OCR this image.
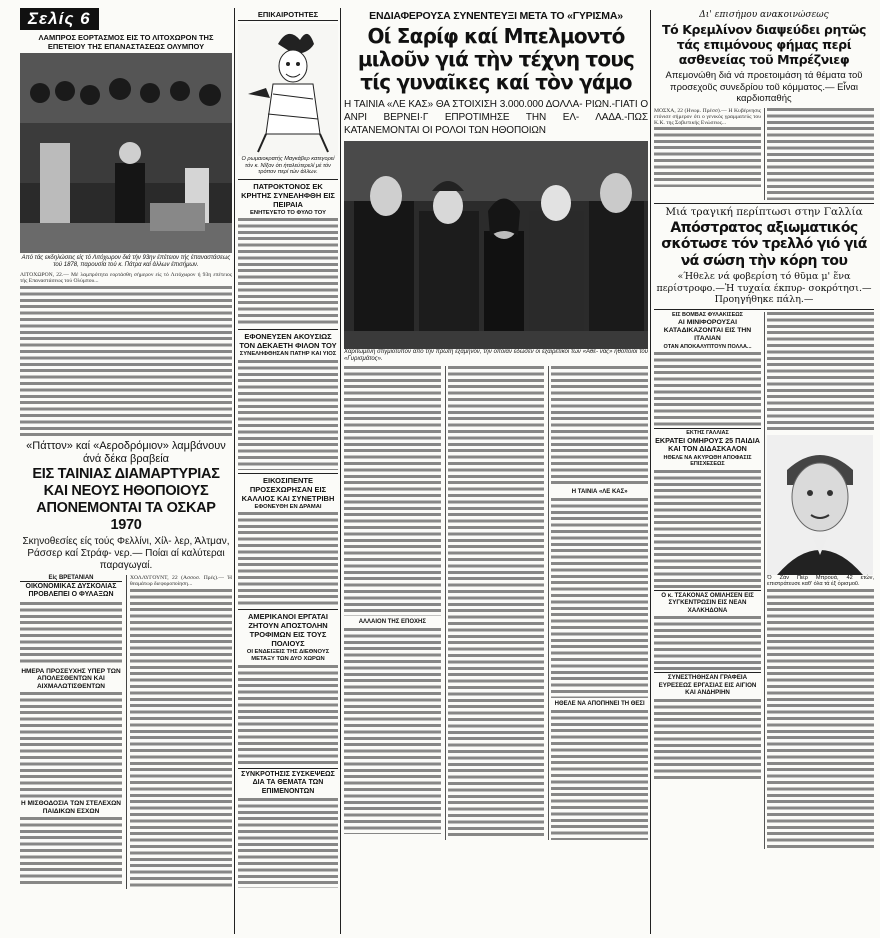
Σελίς 6
ΛΑΜΠΡΟΣ ΕΟΡΤΑΣΜΟΣ ΕΙΣ ΤΟ ΛΙΤΟΧΩΡΟΝ ΤΗΣ ΕΠΕΤΕΙΟΥ ΤΗΣ ΕΠΑΝΑΣΤΑΣΕΩΣ ΟΛΥΜΠΟΥ
Από τάς εκδηλώσεις είς τό Λιτόχωρον διά τήν 93ην έπέτειον τής έπαναστάσεως τού 1878, παρουσία τού κ. Πάτρα καί άλλων έπισήμων.
ΛΙΤΟΧΩΡΟΝ, 22.— Μέ λαμπρότητα εορτάσθη σήμερον είς τό Λιτόχωρον ή 93η επέτειος τής Επαναστάσεως τού Ολύμπου...
«Πάττον» καί «Αεροδρόμιον» λαμβάνουν άνά δέκα βραβεία
ΕΙΣ ΤΑΙΝΙΑΣ ΔΙΑΜΑΡΤΥΡΙΑΣ ΚΑΙ ΝΕΟΥΣ ΗΘΟΠΟΙΟΥΣ ΑΠΟΝΕΜΟΝΤΑΙ ΤΑ ΟΣΚΑΡ 1970
Σκηνοθεσίες είς τούς Φελλίνι, Χίλ- λερ, Άλτμαν, Ράσσερ καί Στράφ- νερ.— Ποίαι αί καλύτεραι παραγωγαί.
Είς ΒΡΕΤΑΝΙΑΝ
ΟΙΚΟΝΟΜΙΚΑΣ ΔΥΣΚΟΛΙΑΣ ΠΡΟΒΛΕΠΕΙ Ο ΦΥΛΑΞΩΝ
ΗΜΕΡΑ ΠΡΟΣΕΥΧΗΣ ΥΠΕΡ ΤΩΝ ΑΠΟΛΕΣΘΕΝΤΩΝ ΚΑΙ ΑΙΧΜΑΛΩΤΙΣΘΕΝΤΩΝ
Η ΜΙΣΘΟΔΟΣΙΑ ΤΩΝ ΣΤΕΛΕΧΩΝ ΠΑΙΔΙΚΩΝ ΕΣΧΩΝ
ΧΟΛΛΥΓΟΥΝΤ, 22 (Ασσοσ. Πρές).— Ή θεαμάτωρ διεφοροποίηση...
ΕΠΙΚΑΙΡΟΤΗΤΕΣ
Ο ρωμαιοκρατής Μαγκάβερ κατεγορεί τόν κ. Νίξον ότι ήταλεύτερελί μέ τόν τρόπον περί τών άλλων.
ΠΑΤΡΟΚΤΟΝΟΣ ΕΚ ΚΡΗΤΗΣ ΣΥΝΕΛΗΦΘΗ ΕΙΣ ΠΕΙΡΑΙΑ
ΕΝΗΤΕΥΕΤΟ ΤΟ ΦΥΛΟ ΤΟΥ
ΕΦΟΝΕΥΣΕΝ ΑΚΟΥΣΙΩΣ ΤΟΝ ΔΕΚΑΕΤΗ ΦΙΛΟΝ ΤΟΥ
ΣΥΝΕΛΗΦΘΗΣΑΝ ΠΑΤΗΡ ΚΑΙ ΥΙΟΣ
ΕΙΚΟΣΙΠΕΝΤΕ ΠΡΟΣΕΧΩΡΗΣΑΝ ΕΙΣ ΚΑΛΛΙΟΣ ΚΑΙ ΣΥΝΕΤΡΙΒΗ
ΕΦΟΝΕΥΘΗ ΕΝ ΔΡΑΜΑΙ
ΑΜΕΡΙΚΑΝΟΙ ΕΡΓΑΤΑΙ ΖΗΤΟΥΝ ΑΠΟΣΤΟΛΗΝ ΤΡΟΦΙΜΩΝ ΕΙΣ ΤΟΥΣ ΠΟΛΙΟΥΣ
ΟΙ ΕΝΔΕΙΞΕΙΣ ΤΗΣ ΔΙΕΘΝΟΥΣ ΜΕΤΑΞΥ ΤΩΝ ΔΥΟ ΧΩΡΩΝ
ΣΥΝΚΡΟΤΗΣΙΣ ΣΥΣΚΕΨΕΩΣ ΔΙΑ ΤΑ ΘΕΜΑΤΑ ΤΩΝ ΕΠΙΜΕΝΟΝΤΩΝ
ΕΝΔΙΑΦΕΡΟΥΣΑ ΣΥΝΕΝΤΕΥΞΙ ΜΕΤΑ ΤΟ «ΓΥΡΙΣΜΑ»
Οί Σαρίφ καί Μπελμοντό μιλοῦν γιά τὴν τέχνη τους τίς γυναῖκες καί τὸν γάμο
Η ΤΑΙΝΙΑ «ΛΕ ΚΑΣ» ΘΑ ΣΤΟΙΧΙΣΗ 3.000.000 ΔΟΛΛΑ- ΡΙΩΝ.-ΓΙΑΤΙ Ο ΑΝΡΙ ΒΕΡΝΕΙ·Γ ΕΠΡΟΤΙΜΗΣΕ ΤΗΝ ΕΛ- ΛΑΔΑ.-ΠΩΣ ΚΑΤΑΝΕΜΟΝΤΑΙ ΟΙ ΡΟΛΟΙ ΤΩΝ ΗΘΟΠΟΙΩΝ
Χαριτωμένη στιγμιότυπον από την πρώτη εξάμηνον, την οποίαν έδωσεν οι εξαιρετικοί των «Αθέ- νας» ηθοποιοί του «Γυρισμάτος».
ΑΛΛΑΙΟΝ ΤΗΣ ΕΠΟΧΗΣ
Η ΤΑΙΝΙΑ «ΛΕ ΚΑΣ»
ΗΘΕΛΕ ΝΑ ΑΠΟΠΗΝΕΙ ΤΗ ΘΕΣΙ
Δι' επισήμου ανακοινώσεως
Τό Κρεμλίνον διαψεύδει ρητῶς τάς επιμόνους φήμας περί ασθενείας τοῦ Μπρέζνιεφ
Απεμονώθη διά νά προετοιμάση τά θέματα τοῦ προσεχοῦς συνεδρίου τοῦ κόμματος.— Εἶναι καρδιοπαθής
ΜΟΣΧΑ, 22 (Ηνωμ. Πρέσσ).— Η Κυβέρνησις ετόνισε σήμερον ότι ο γενικός γραμματεύς του Κ.Κ. της Σοβιετικής Ενώσεως...
Μιά τραγική περίπτωσι στην Γαλλία
Απόστρατος αξιωματικός σκότωσε τόν τρελλό γιό γιά νά σώση τὴν κόρη του
«Ήθελε νά φοβερίση τό θῦμα μ' ἕνα περίστροφο.—Ἡ τυχαία έκπυρ- σοκρότησι.—Προηγήθηκε πάλη.—
ΕΙΣ ΒΟΜΒΑΣ ΦΥΛΑΚΙΣΕΩΣ
ΑΙ ΜΙΝΙΦΟΡΟΥΣΑΙ ΚΑΤΑΔΙΚΑΖΟΝΤΑΙ ΕΙΣ ΤΗΝ ΙΤΑΛΙΑΝ
ΟΤΑΝ ΑΠΟΚΑΛΥΠΤΟΥΝ ΠΟΛΛΑ...
ΕΚΤΗΣ ΓΑΛΛΙΑΣ
ΕΚΡΑΤΕΙ ΟΜΗΡΟΥΣ 25 ΠΑΙΔΙΑ ΚΑΙ ΤΟΝ ΔΙΔΑΣΚΑΛΟΝ
ΗΘΕΛΕ ΝΑ ΑΚΥΡΩΘΗ ΑΠΟΦΑΣΙΣ ΕΠΙΣΧΕΣΕΩΣ
Ο κ. ΤΣΑΚΟΝΑΣ ΟΜΙΛΗΣΕΝ ΕΙΣ ΣΥΓΚΕΝΤΡΩΣΙΝ ΕΙΣ ΝΕΑΝ ΧΑΛΚΗΔΟΝΑ
ΣΥΝΕΣΤΗΘΗΣΑΝ ΓΡΑΦΕΙΑ ΕΥΡΕΣΕΩΣ ΕΡΓΑΣΙΑΣ ΕΙΣ ΑΙΓΙΟΝ ΚΑΙ ΑΝΔΗΡΙΗΝ
Ὁ Ζάν Πιέρ Μπρουά, 42 ετών, επιστράτευσε καθ' όλα τά έξ ὁρισμοῦ.
